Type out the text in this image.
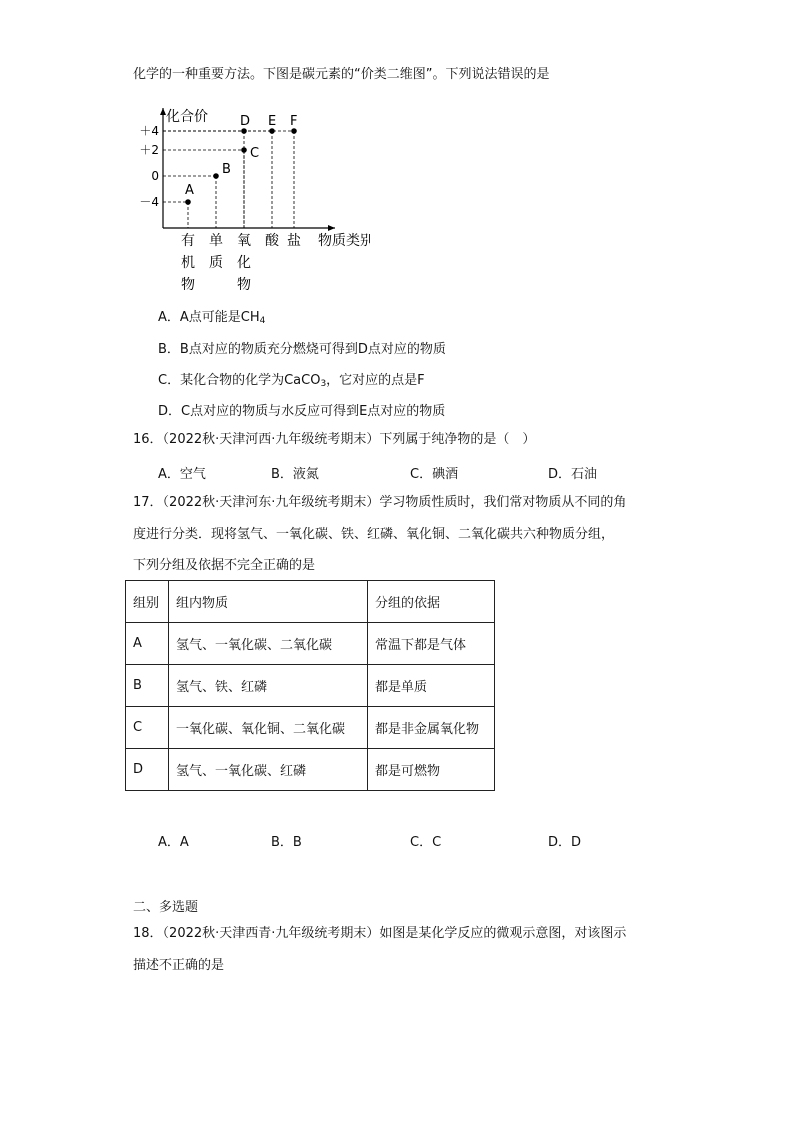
化学的一种重要方法。下图是碳元素的“价类二维图”。下列说法错误的是
化合价
＋4
＋2
0
－4
A
B
C
D E F
物质类别
有
机
物
单
质
氧
化
物
酸 盐
A．A点可能是$CH_4$
B．B点对应的物质充分燃烧可得到D点对应的物质
C．某化合物的化学为CaCO$_3$，它对应的点是F
D．C点对应的物质与水反应可得到E点对应的物质
16．（2022秋·天津河西·九年级统考期末）下列属于纯净物的是（　）
A．空气	B．液氮	C．碘酒	D．石油
17．（2022秋·天津河东·九年级统考期末）学习物质性质时，我们常对物质从不同的角
度进行分类．现将氢气、一氧化碳、铁、红磷、氧化铜、二氧化碳共六种物质分组，
下列分组及依据不完全正确的是
组别	组内物质	分组的依据
A	氢气、一氧化碳、二氧化碳	常温下都是气体
B	氢气、铁、红磷	都是单质
C	一氧化碳、氧化铜、二氧化碳	都是非金属氧化物
D	氢气、一氧化碳、红磷	都是可燃物
A．A	B．B	C．C	D．D
二、多选题
18．（2022秋·天津西青·九年级统考期末）如图是某化学反应的微观示意图，对该图示
描述不正确的是
